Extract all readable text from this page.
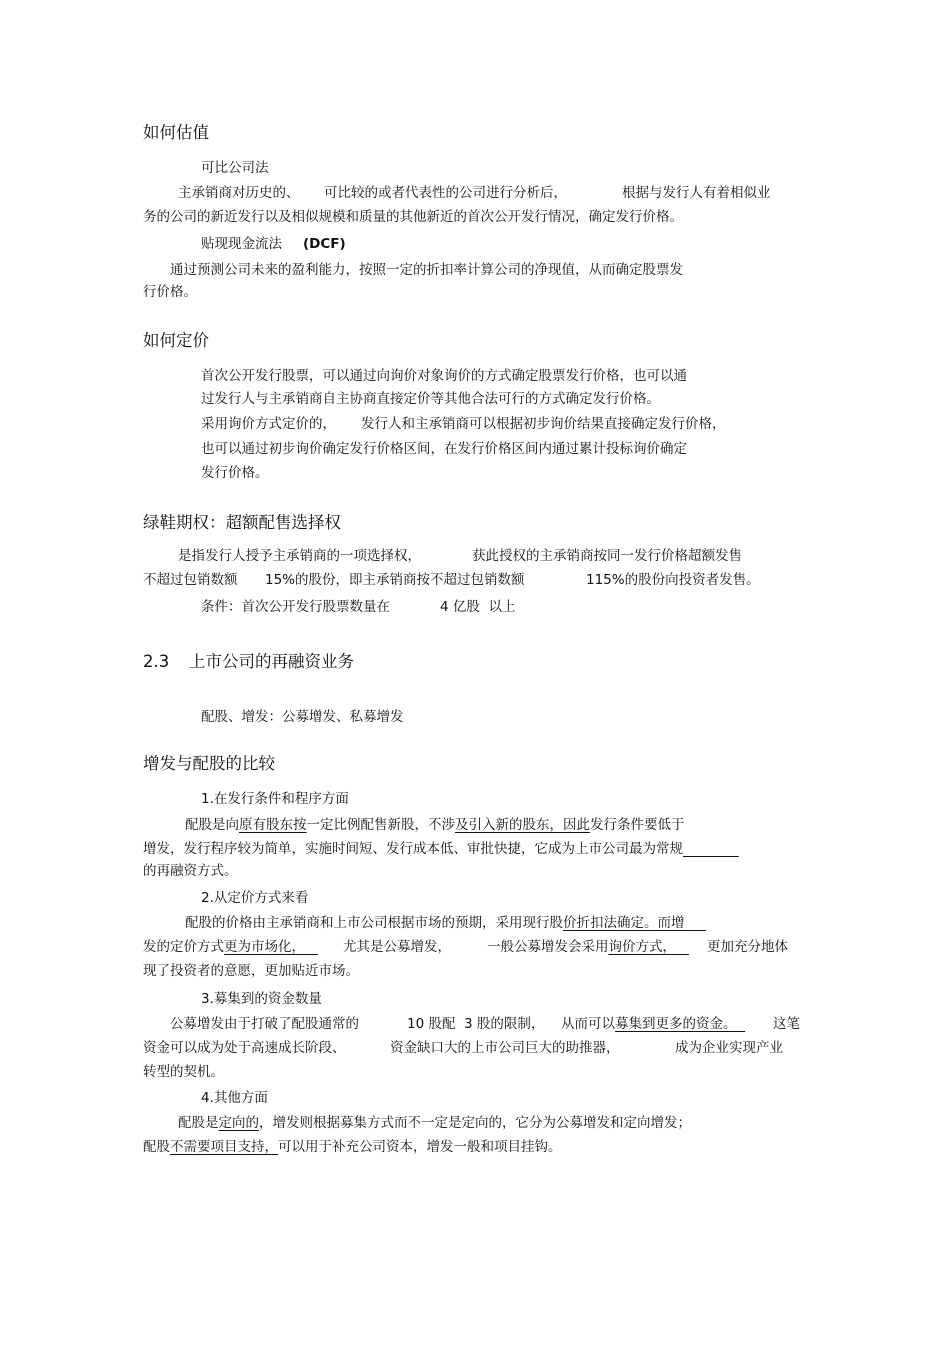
如何估值
可比公司法
主承销商对历史的、 可比较的或者代表性的公司进行分析后，	根据与发行人有着相似业
务的公司的新近发行以及相似规模和质量的其他新近的首次公开发行情况，确定发行价格。
贴现现金流法 (DCF)
通过预测公司未来的盈利能力，按照一定的折扣率计算公司的净现值，从而确定股票发
行价格。
如何定价
首次公开发行股票，可以通过向询价对象询价的方式确定股票发行价格，也可以通
过发行人与主承销商自主协商直接定价等其他合法可行的方式确定发行价格。
采用询价方式定价的， 发行人和主承销商可以根据初步询价结果直接确定发行价格，
也可以通过初步询价确定发行价格区间，在发行价格区间内通过累计投标询价确定
发行价格。
绿鞋期权：超额配售选择权
是指发行人授予主承销商的一项选择权，	获此授权的主承销商按同一发行价格超额发售
不超过包销数额 15%的股份，即主承销商按不超过包销数额	115%的股份向投资者发售。
条件：首次公开发行股票数量在	4 亿股  以上
2.3 上市公司的再融资业务
配股、增发：公募增发、私募增发
增发与配股的比较
1.在发行条件和程序方面
配股是向原有股东按一定比例配售新股，不涉及引入新的股东，因此发行条件要低于
增发，发行程序较为简单，实施时间短、发行成本低、审批快捷，它成为上市公司最为常规
的再融资方式。
2.从定价方式来看
配股的价格由主承销商和上市公司根据市场的预期，采用现行股价折扣法确定。而增
发的定价方式更为市场化， 尤其是公募增发，	一般公募增发会采用询价方式， 更加充分地体
现了投资者的意愿，更加贴近市场。
3.募集到的资金数量
公募增发由于打破了配股通常的	10 股配  3 股的限制， 从而可以募集到更多的资金。 这笔
资金可以成为处于高速成长阶段、	资金缺口大的上市公司巨大的助推器，	成为企业实现产业
转型的契机。
4.其他方面
配股是定向的，增发则根据募集方式而不一定是定向的，它分为公募增发和定向增发；
配股不需要项目支持，可以用于补充公司资本，增发一般和项目挂钩。
